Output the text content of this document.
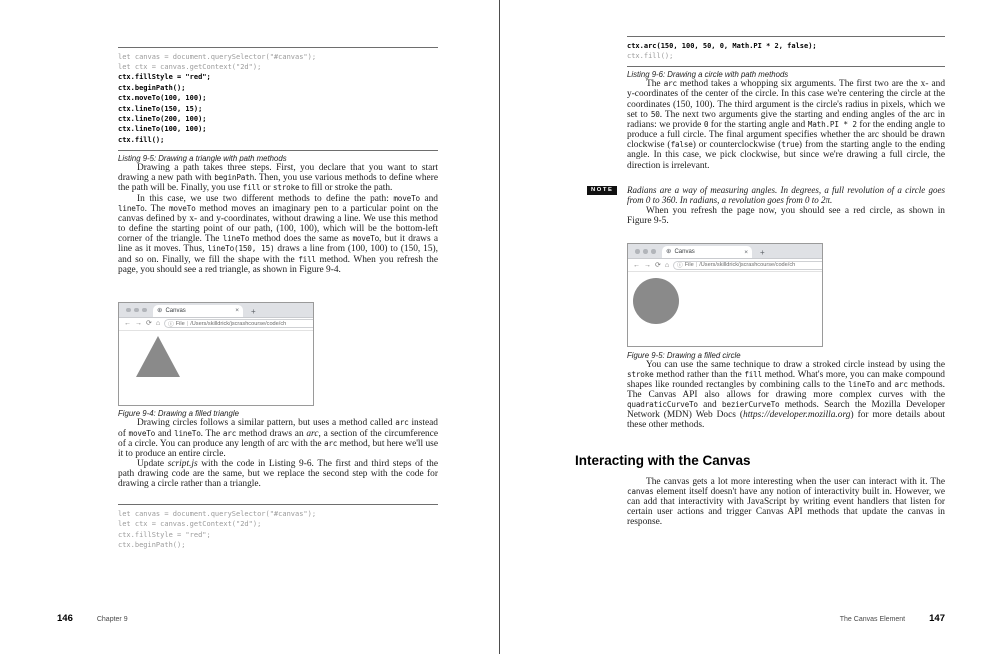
let canvas = document.querySelector("#canvas");
let ctx = canvas.getContext("2d");
ctx.fillStyle = "red";
ctx.beginPath();
ctx.moveTo(100, 100);
ctx.lineTo(150, 15);
ctx.lineTo(200, 100);
ctx.lineTo(100, 100);
ctx.fill();
Listing 9-5: Drawing a triangle with path methods

Drawing a path takes three steps. First, you declare that you want to start drawing a new path with beginPath. Then, you use various methods to define where the path will be. Finally, you use fill or stroke to fill or stroke the path.

In this case, we use two different methods to define the path: moveTo and lineTo. The moveTo method moves an imaginary pen to a particular point on the canvas defined by x- and y-coordinates, without drawing a line. We use this method to define the starting point of our path, (100, 100), which will be the bottom-left corner of the triangle. The lineTo method does the same as moveTo, but it draws a line as it moves. Thus, lineTo(150, 15) draws a line from (100, 100) to (150, 15), and so on. Finally, we fill the shape with the fill method. When you refresh the page, you should see a red triangle, as shown in Figure 9-4.

⊕ Canvas	× +
← → ⟳ ⌂ ⓘ File | /Users/skilldrick/jscrashcourse/code/ch
Figure 9-4: Drawing a filled triangle

Drawing circles follows a similar pattern, but uses a method called arc instead of moveTo and lineTo. The arc method draws an arc, a section of the circumference of a circle. You can produce any length of arc with the arc method, but here we'll use it to produce an entire circle.

Update script.js with the code in Listing 9-6. The first and third steps of the path drawing code are the same, but we replace the second step with the code for drawing a circle rather than a triangle.

let canvas = document.querySelector("#canvas");
let ctx = canvas.getContext("2d");
ctx.fillStyle = "red";
ctx.beginPath();
146	Chapter 9
ctx.arc(150, 100, 50, 0, Math.PI * 2, false);
ctx.fill();
Listing 9-6: Drawing a circle with path methods

The arc method takes a whopping six arguments. The first two are the x- and y-coordinates of the center of the circle. In this case we're centering the circle at the coordinates (150, 100). The third argument is the circle's radius in pixels, which we set to 50. The next two arguments give the starting and ending angles of the arc in radians: we provide 0 for the starting angle and Math.PI * 2 for the ending angle to produce a full circle. The final argument specifies whether the arc should be drawn clockwise (false) or counterclockwise (true) from the starting angle to the ending angle. In this case, we pick clockwise, but since we're drawing a full circle, the direction is irrelevant.

NOTE	Radians are a way of measuring angles. In degrees, a full revolution of a circle goes from 0 to 360. In radians, a revolution goes from 0 to 2π.

When you refresh the page now, you should see a red circle, as shown in Figure 9-5.

⊕ Canvas	× +
← → ⟳ ⌂ ⓘ File | /Users/skilldrick/jscrashcourse/code/ch
Figure 9-5: Drawing a filled circle

You can use the same technique to draw a stroked circle instead by using the stroke method rather than the fill method. What's more, you can make compound shapes like rounded rectangles by combining calls to the lineTo and arc methods. The Canvas API also allows for drawing more complex curves with the quadraticCurveTo and bezierCurveTo methods. Search the Mozilla Developer Network (MDN) Web Docs (https://developer.mozilla.org) for more details about these other methods.

Interacting with the Canvas

The canvas gets a lot more interesting when the user can interact with it. The canvas element itself doesn't have any notion of interactivity built in. However, we can add that interactivity with JavaScript by writing event handlers that listen for certain user actions and trigger Canvas API methods that update the canvas in response.

The Canvas Element	147
